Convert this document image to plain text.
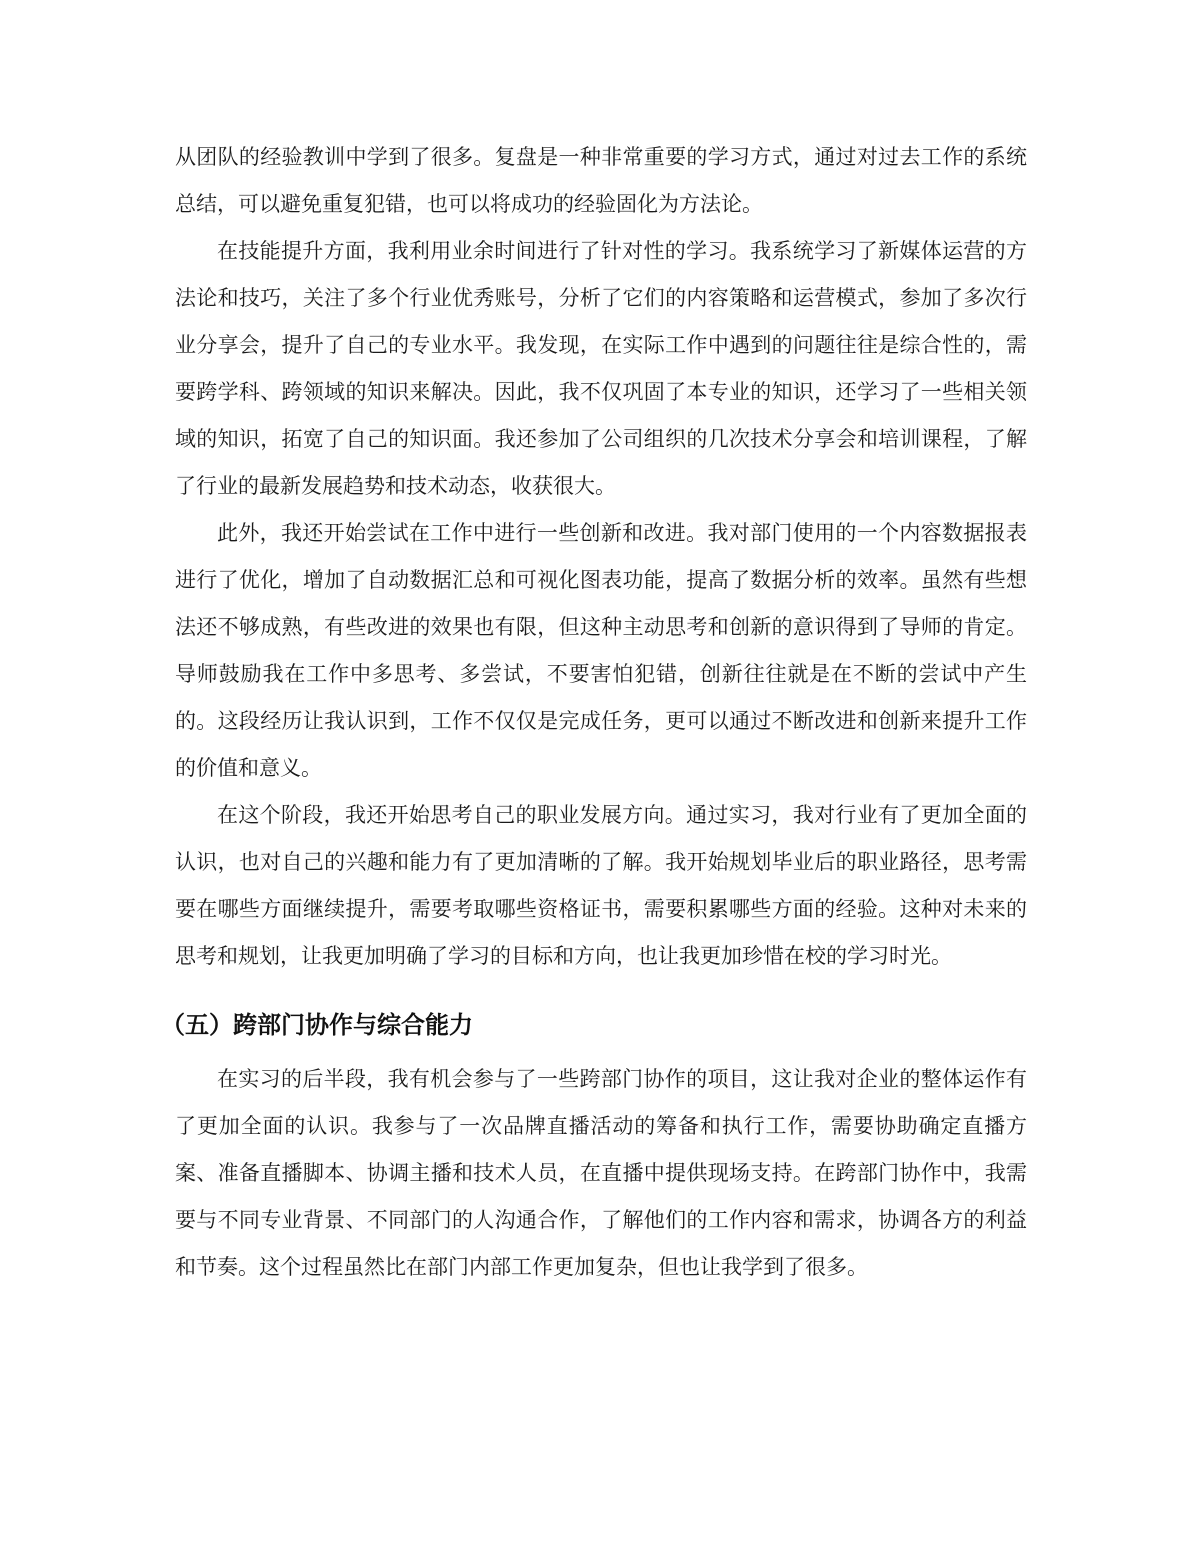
从团队的经验教训中学到了很多。复盘是一种非常重要的学习方式，通过对过去工作的系统总结，可以避免重复犯错，也可以将成功的经验固化为方法论。

在技能提升方面，我利用业余时间进行了针对性的学习。我系统学习了新媒体运营的方法论和技巧，关注了多个行业优秀账号，分析了它们的内容策略和运营模式，参加了多次行业分享会，提升了自己的专业水平。我发现，在实际工作中遇到的问题往往是综合性的，需要跨学科、跨领域的知识来解决。因此，我不仅巩固了本专业的知识，还学习了一些相关领域的知识，拓宽了自己的知识面。我还参加了公司组织的几次技术分享会和培训课程，了解了行业的最新发展趋势和技术动态，收获很大。

此外，我还开始尝试在工作中进行一些创新和改进。我对部门使用的一个内容数据报表进行了优化，增加了自动数据汇总和可视化图表功能，提高了数据分析的效率。虽然有些想法还不够成熟，有些改进的效果也有限，但这种主动思考和创新的意识得到了导师的肯定。导师鼓励我在工作中多思考、多尝试，不要害怕犯错，创新往往就是在不断的尝试中产生的。这段经历让我认识到，工作不仅仅是完成任务，更可以通过不断改进和创新来提升工作的价值和意义。

在这个阶段，我还开始思考自己的职业发展方向。通过实习，我对行业有了更加全面的认识，也对自己的兴趣和能力有了更加清晰的了解。我开始规划毕业后的职业路径，思考需要在哪些方面继续提升，需要考取哪些资格证书，需要积累哪些方面的经验。这种对未来的思考和规划，让我更加明确了学习的目标和方向，也让我更加珍惜在校的学习时光。

（五）跨部门协作与综合能力

在实习的后半段，我有机会参与了一些跨部门协作的项目，这让我对企业的整体运作有了更加全面的认识。我参与了一次品牌直播活动的筹备和执行工作，需要协助确定直播方案、准备直播脚本、协调主播和技术人员，在直播中提供现场支持。在跨部门协作中，我需要与不同专业背景、不同部门的人沟通合作，了解他们的工作内容和需求，协调各方的利益和节奏。这个过程虽然比在部门内部工作更加复杂，但也让我学到了很多。
